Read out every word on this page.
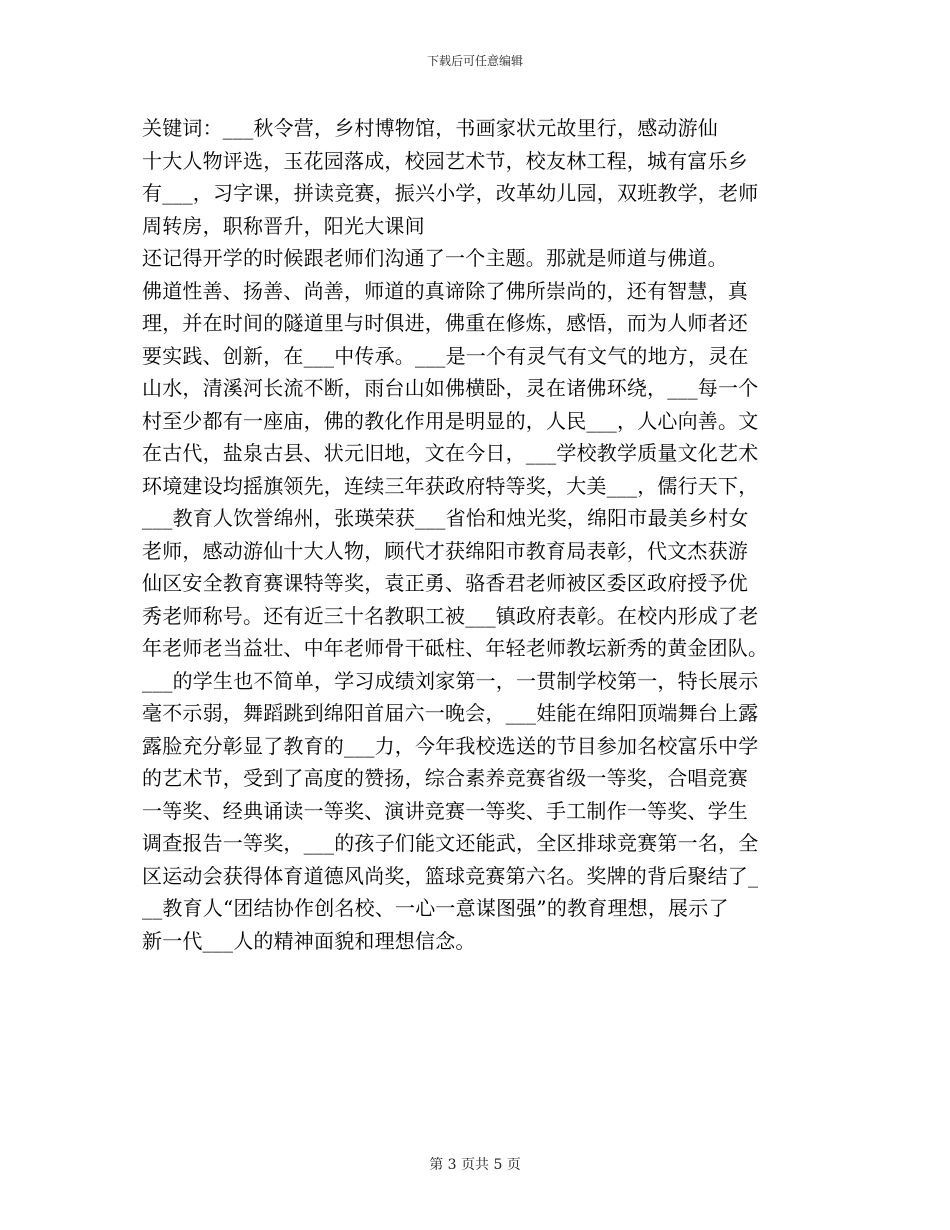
下载后可任意编辑
关键词：___秋令营，乡村博物馆，书画家状元故里行，感动游仙
十大人物评选，玉花园落成，校园艺术节，校友林工程，城有富乐乡
有___，习字课，拼读竞赛，振兴小学，改革幼儿园，双班教学，老师
周转房，职称晋升，阳光大课间
还记得开学的时候跟老师们沟通了一个主题。那就是师道与佛道。
佛道性善、扬善、尚善，师道的真谛除了佛所崇尚的，还有智慧，真
理，并在时间的隧道里与时俱进，佛重在修炼，感悟，而为人师者还
要实践、创新，在___中传承。___是一个有灵气有文气的地方，灵在
山水，清溪河长流不断，雨台山如佛横卧，灵在诸佛环绕，___每一个
村至少都有一座庙，佛的教化作用是明显的，人民___，人心向善。文
在古代，盐泉古县、状元旧地，文在今日，___学校教学质量文化艺术
环境建设均摇旗领先，连续三年获政府特等奖，大美___，儒行天下，
___教育人饮誉绵州，张瑛荣获___省怡和烛光奖，绵阳市最美乡村女
老师，感动游仙十大人物，顾代才获绵阳市教育局表彰，代文杰获游
仙区安全教育赛课特等奖，袁正勇、骆香君老师被区委区政府授予优
秀老师称号。还有近三十名教职工被___镇政府表彰。在校内形成了老
年老师老当益壮、中年老师骨干砥柱、年轻老师教坛新秀的黄金团队。
___的学生也不简单，学习成绩刘家第一，一贯制学校第一，特长展示
毫不示弱，舞蹈跳到绵阳首届六一晚会，___娃能在绵阳顶端舞台上露
露脸充分彰显了教育的___力，今年我校选送的节目参加名校富乐中学
的艺术节，受到了高度的赞扬，综合素养竞赛省级一等奖，合唱竞赛
一等奖、经典诵读一等奖、演讲竞赛一等奖、手工制作一等奖、学生
调查报告一等奖，___的孩子们能文还能武，全区排球竞赛第一名，全
区运动会获得体育道德风尚奖，篮球竞赛第六名。奖牌的背后聚结了_
__教育人“团结协作创名校、一心一意谋图强”的教育理想，展示了
新一代___人的精神面貌和理想信念。
第 3 页共 5 页
